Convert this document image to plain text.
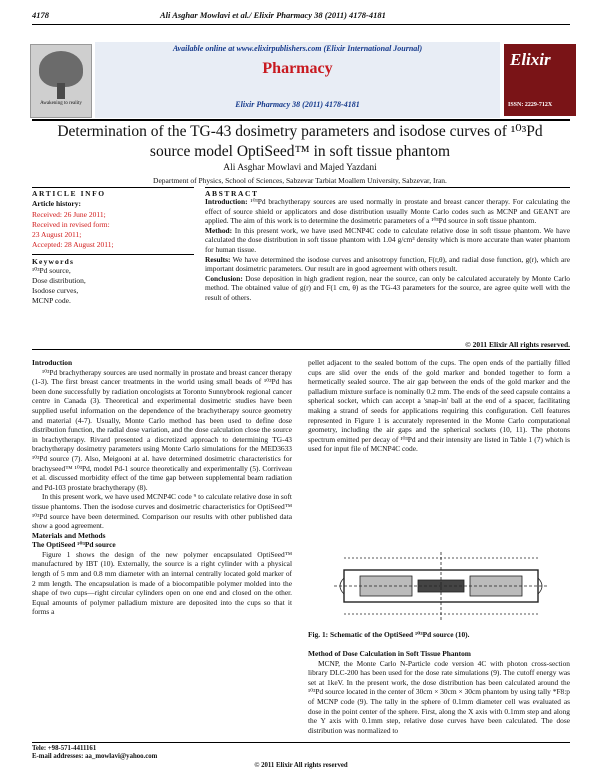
4178	Ali Asghar Mowlavi et al./ Elixir Pharmacy 38 (2011) 4178-4181
Awakening to reality
Available online at www.elixirpublishers.com (Elixir International Journal)
Pharmacy
Elixir Pharmacy 38 (2011) 4178-4181
Elixir
ISSN: 2229-712X
Determination of the TG-43 dosimetry parameters and isodose curves of ¹⁰³Pd
source model OptiSeed™ in soft tissue phantom
Ali Asghar Mowlavi and Majed Yazdani
Department of Physics, School of Sciences, Sabzevar Tarbiat Moallem University, Sabzevar, Iran.
ARTICLE INFO
Article history:
Received: 26 June 2011;
Received in revised form:
23 August 2011;
Accepted: 28 August 2011;
Keywords
¹⁰³Pd source,
Dose distribution,
Isodose curves,
MCNP code.
ABSTRACT

Introduction: ¹⁰³Pd brachytherapy sources are used normally in prostate and breast cancer therapy. For calculating the effect of source shield or applicators and dose distribution usually Monte Carlo codes such as MCNP and GEANT are applied. The aim of this work is to determine the dosimetric parameters of a ¹⁰³Pd source in soft tissue phantom.

Method: In this present work, we have used MCNP4C code to calculate relative dose in soft tissue phantom. We have calculated the dose distribution in soft tissue phantom with 1.04 g/cm³ density which is more accurate than water phantom for human tissue.

Results: We have determined the isodose curves and anisotropy function, F(r,θ), and radial dose function, g(r), which are important dosimetric parameters. Our result are in good agreement with others result.

Conclusion: Dose deposition in high gradient region, near the source, can only be calculated accurately by Monte Carlo method. The obtained value of g(r) and F(1 cm, θ) as the TG-43 parameters for the source, are agree quite well with the result of others.

© 2011 Elixir All rights reserved.

Introduction

¹⁰³Pd brachytherapy sources are used normally in prostate and breast cancer therapy (1-3). The first breast cancer treatments in the world using small beads of ¹⁰³Pd has been done successfully by radiation oncologists at Toronto Sunnybrook regional cancer centre in Canada (3). Theoretical and experimental dosimetric studies have been supplied useful information on the dependence of the brachytherapy source geometry and material (4-7). Usually, Monte Carlo method has been used to define dose distribution function, the radial dose variation, and the dose calculation close the source in brachytherapy. Rivard presented a discretized approach to determining TG-43 brachytherapy dosimetry parameters using Monte Carlo simulations for the MED3633 ¹⁰³Pd source (7). Also, Meigooni at al. have determined dosimetric characteristics for brachyseed™ ¹⁰³Pd, model Pd-1 source theoretically and experimentally (5). Corriveau et al. discussed morbidity effect of the time gap between supplemental beam radiation and Pd-103 prostate brachytherapy (8).

In this present work, we have used MCNP4C code ⁹ to calculate relative dose in soft tissue phantoms. Then the isodose curves and dosimetric characteristics for OptiSeed™ ¹⁰³Pd source have been determined. Comparison our results with other published data show a good agreement.

Materials and Methods

The OptiSeed ¹⁰³Pd source

Figure 1 shows the design of the new polymer encapsulated OptiSeed™ manufactured by IBT (10). Externally, the source is a right cylinder with a physical length of 5 mm and 0.8 mm diameter with an internal centrally located gold marker of 2 mm length. The encapsulation is made of a biocompatible polymer molded into the shape of two cups—right circular cylinders open on one end and closed on the other. Equal amounts of polymer palladium mixture are deposited into the cups so that it forms a

pellet adjacent to the sealed bottom of the cups. The open ends of the partially filled cups are slid over the ends of the gold marker and bonded together to form a hermetically sealed source. The air gap between the ends of the gold marker and the palladium mixture surface is nominally 0.2 mm. The ends of the seed capsule contains a spherical socket, which can accept a 'snap-in' ball at the end of a spacer, facilitating making a strand of seeds for applications requiring this configuration. Cell features represented in Figure 1 is accurately represented in the Monte Carlo computational geometry, including the air gaps and the spherical sockets (10, 11). The photons spectrum emitted per decay of ¹⁰³Pd and their intensity are listed in Table 1 (7) which is used for input file of MCNP4C code.

Fig. 1: Schematic of the OptiSeed ¹⁰³Pd source (10).

Method of Dose Calculation in Soft Tissue Phantom

MCNP, the Monte Carlo N-Particle code version 4C with photon cross-section library DLC-200 has been used for the dose rate simulations (9). The cutoff energy was set at 1keV. In the present work, the dose distribution has been calculated around the ¹⁰³Pd source located in the center of 30cm × 30cm × 30cm phantom by using tally *F8:p of MCNP code (9). The tally in the sphere of 0.1mm diameter cell was evaluated as dose in the point center of the sphere. First, along the X axis with 0.1mm step and along the Y axis with 0.1mm step, relative dose curves have been calculated. The dose distribution was normalized to

Tele: +98-571-4411161
E-mail addresses: aa_mowlavi@yahoo.com
© 2011 Elixir All rights reserved
